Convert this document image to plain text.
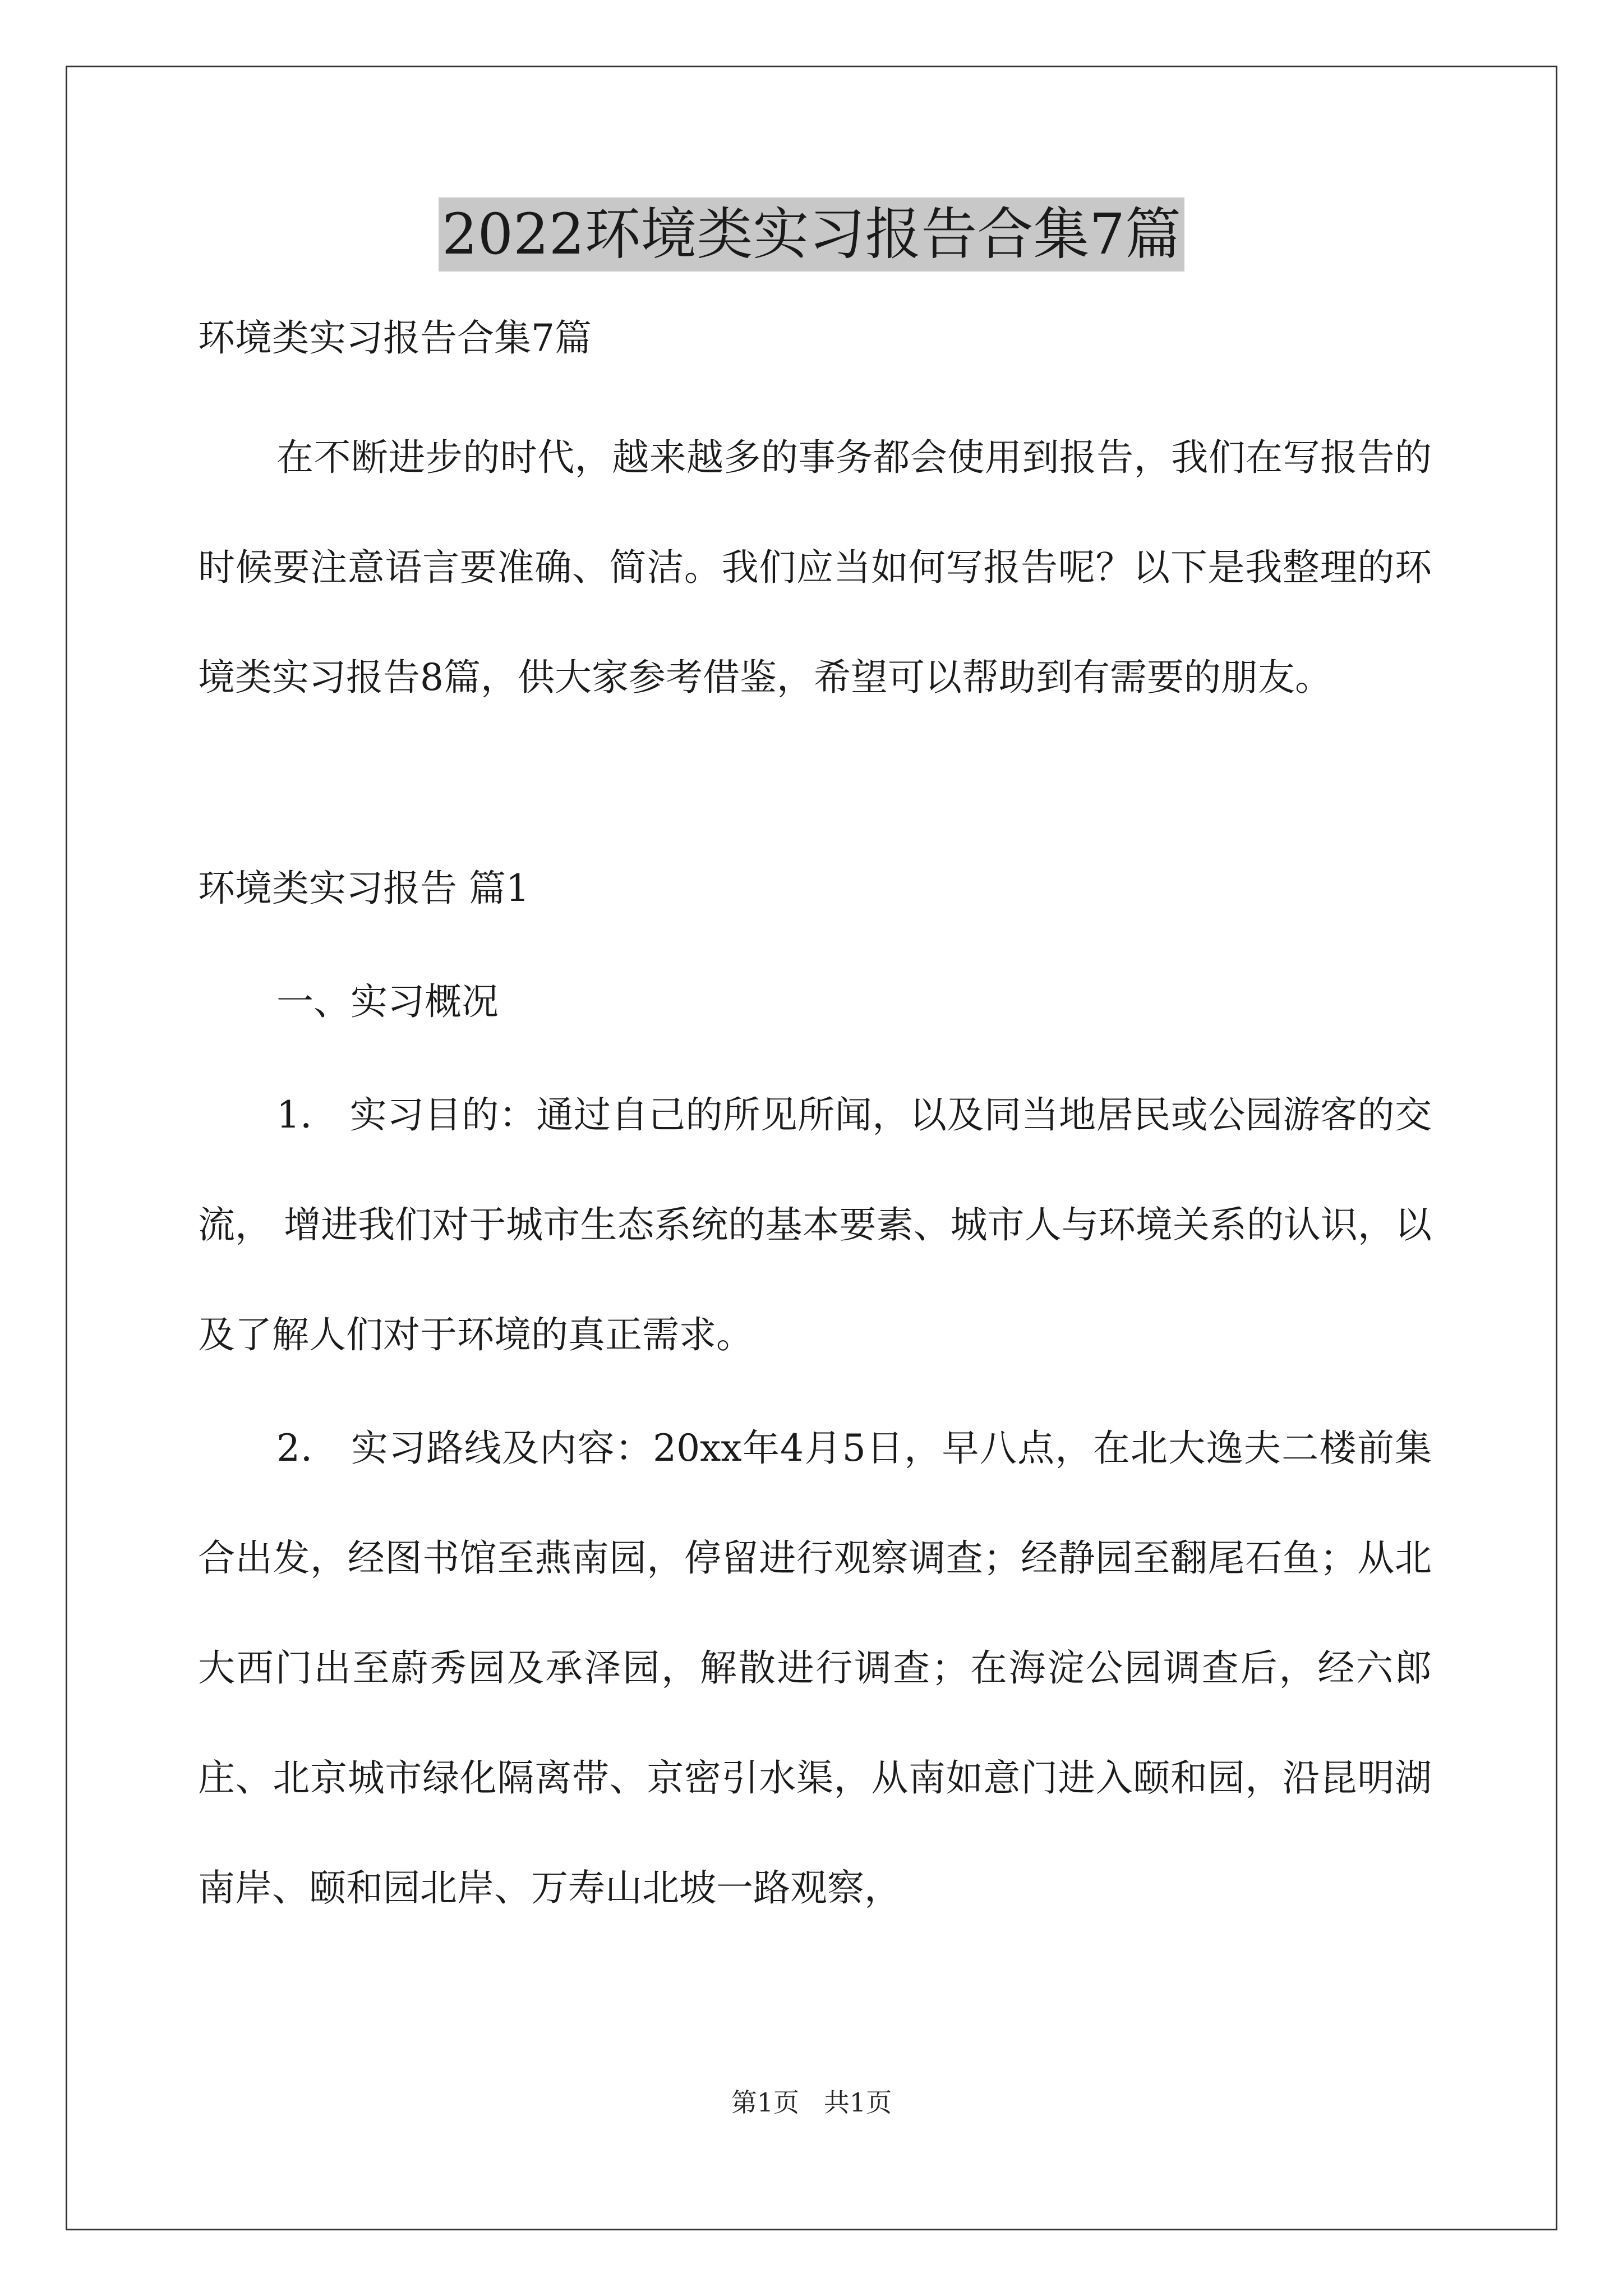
2022环境类实习报告合集7篇
环境类实习报告合集7篇

在不断进步的时代，越来越多的事务都会使用到报告，我们在写报告的时候要注意语言要准确、简洁。我们应当如何写报告呢？以下是我整理的环境类实习报告8篇，供大家参考借鉴，希望可以帮助到有需要的朋友。

环境类实习报告 篇1
一、实习概况

1． 实习目的：通过自己的所见所闻，以及同当地居民或公园游客的交流， 增进我们对于城市生态系统的基本要素、城市人与环境关系的认识，以及了解人们对于环境的真正需求。

2． 实习路线及内容：20xx年4月5日，早八点，在北大逸夫二楼前集合出发，经图书馆至燕南园，停留进行观察调查；经静园至翻尾石鱼；从北大西门出至蔚秀园及承泽园，解散进行调查；在海淀公园调查后，经六郎庄、北京城市绿化隔离带、京密引水渠，从南如意门进入颐和园，沿昆明湖南岸、颐和园北岸、万寿山北坡一路观察，

第1页   共1页
